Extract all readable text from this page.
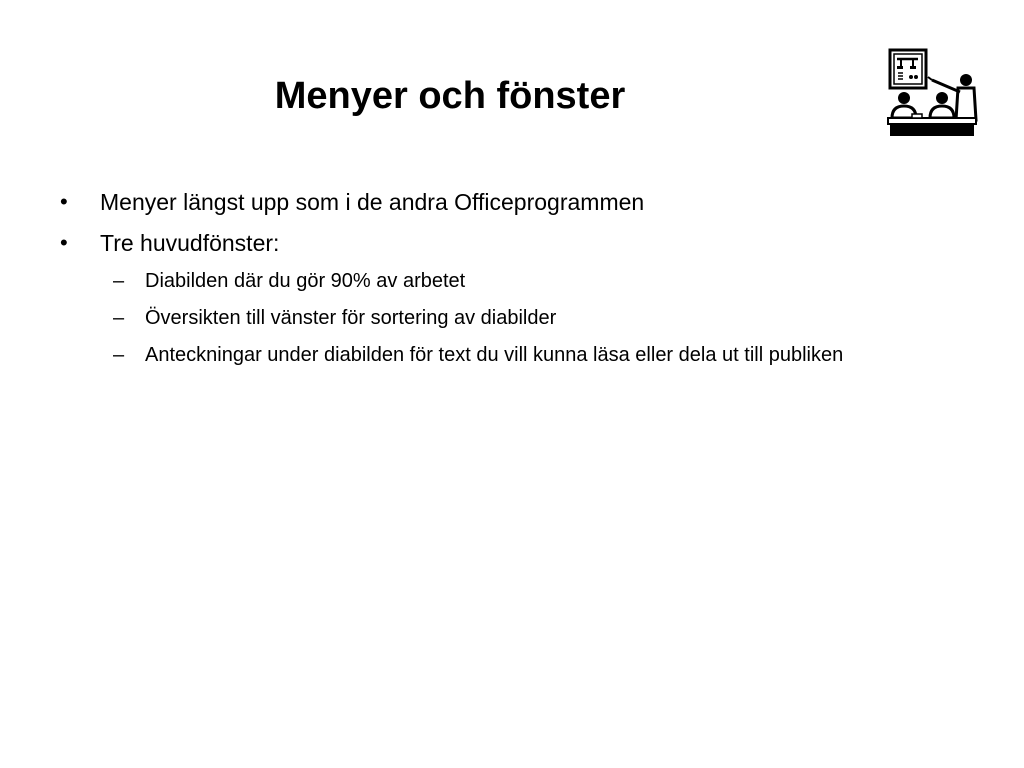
Menyer och fönster
•	Menyer längst upp som i de andra Officeprogrammen
•	Tre huvudfönster:
– Diabilden där du gör 90% av arbetet
– Översikten till vänster för sortering av diabilder
– Anteckningar under diabilden för text du vill kunna läsa eller dela ut till publiken
